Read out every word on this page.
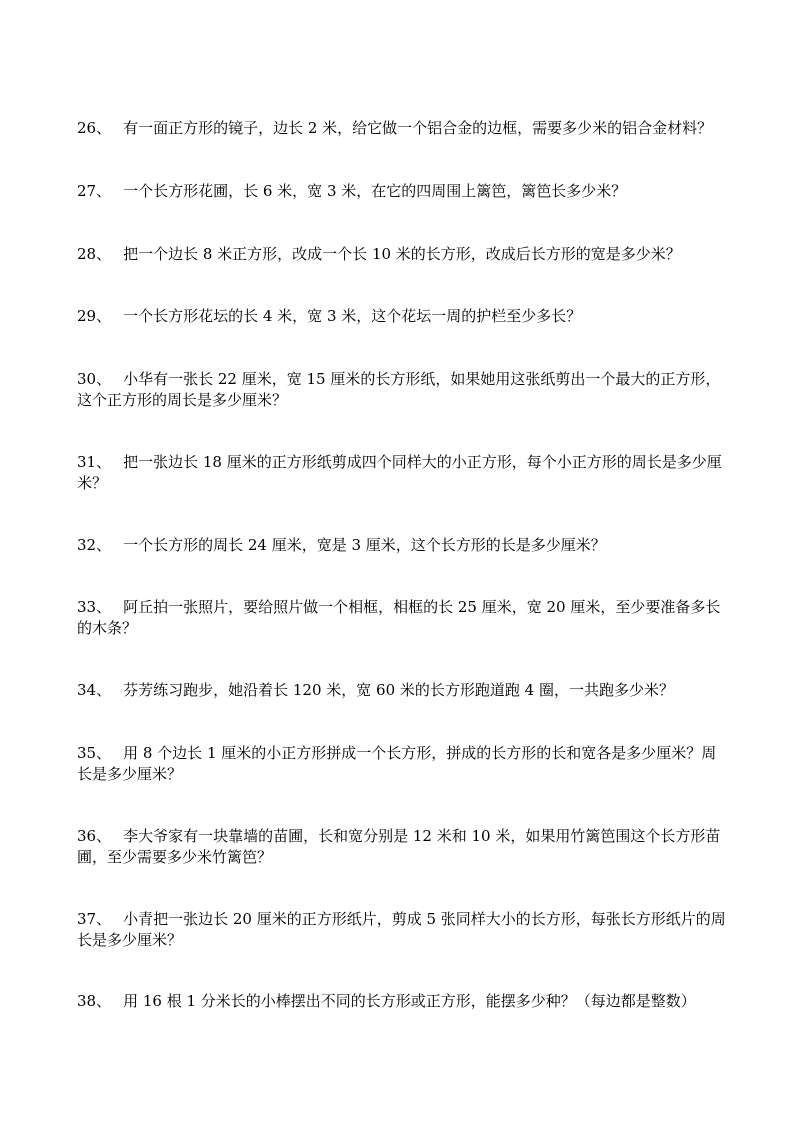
26、 有一面正方形的镜子，边长 2 米，给它做一个铝合金的边框，需要多少米的铝合金材料？
27、 一个长方形花圃，长 6 米，宽 3 米，在它的四周围上篱笆，篱笆长多少米？
28、 把一个边长 8 米正方形，改成一个长 10 米的长方形，改成后长方形的宽是多少米？
29、 一个长方形花坛的长 4 米，宽 3 米，这个花坛一周的护栏至少多长？
30、 小华有一张长 22 厘米，宽 15 厘米的长方形纸，如果她用这张纸剪出一个最大的正方形，这个正方形的周长是多少厘米？
31、 把一张边长 18 厘米的正方形纸剪成四个同样大的小正方形，每个小正方形的周长是多少厘米？
32、 一个长方形的周长 24 厘米，宽是 3 厘米，这个长方形的长是多少厘米？
33、 阿丘拍一张照片，要给照片做一个相框，相框的长 25 厘米，宽 20 厘米，至少要准备多长的木条？
34、 芬芳练习跑步，她沿着长 120 米，宽 60 米的长方形跑道跑 4 圈，一共跑多少米？
35、 用 8 个边长 1 厘米的小正方形拼成一个长方形，拼成的长方形的长和宽各是多少厘米？周长是多少厘米？
36、 李大爷家有一块靠墙的苗圃，长和宽分别是 12 米和 10 米，如果用竹篱笆围这个长方形苗圃，至少需要多少米竹篱笆？
37、 小青把一张边长 20 厘米的正方形纸片，剪成 5 张同样大小的长方形，每张长方形纸片的周长是多少厘米？
38、 用 16 根 1 分米长的小棒摆出不同的长方形或正方形，能摆多少种？（每边都是整数）
